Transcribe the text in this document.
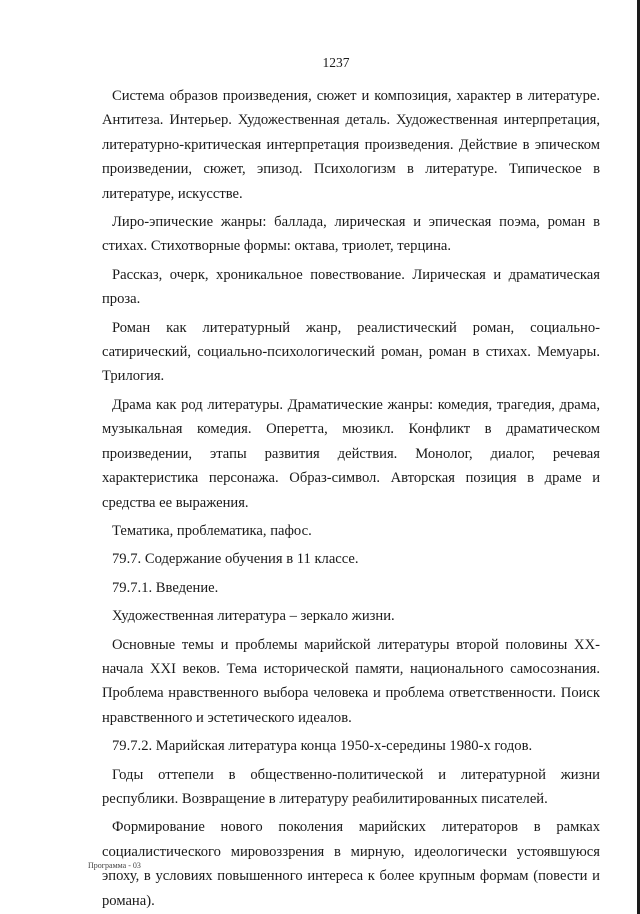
1237

Система образов произведения, сюжет и композиция, характер в литературе. Антитеза. Интерьер. Художественная деталь. Художественная интерпретация, литературно-критическая интерпретация произведения. Действие в эпическом произведении, сюжет, эпизод. Психологизм в литературе. Типическое в литературе, искусстве.

Лиро-эпические жанры: баллада, лирическая и эпическая поэма, роман в стихах. Стихотворные формы: октава, триолет, терцина.

Рассказ, очерк, хроникальное повествование. Лирическая и драматическая проза.

Роман как литературный жанр, реалистический роман, социально-сатирический, социально-психологический роман, роман в стихах. Мемуары. Трилогия.

Драма как род литературы. Драматические жанры: комедия, трагедия, драма, музыкальная комедия. Оперетта, мюзикл. Конфликт в драматическом произведении, этапы развития действия. Монолог, диалог, речевая характеристика персонажа. Образ-символ. Авторская позиция в драме и средства ее выражения.

Тематика, проблематика, пафос.

79.7. Содержание обучения в 11 классе.

79.7.1. Введение.

Художественная литература – зеркало жизни.

Основные темы и проблемы марийской литературы второй половины XX-начала XXI веков. Тема исторической памяти, национального самосознания. Проблема нравственного выбора человека и проблема ответственности. Поиск нравственного и эстетического идеалов.

79.7.2. Марийская литература конца 1950-х-середины 1980-х годов.

Годы оттепели в общественно-политической и литературной жизни республики. Возвращение в литературу реабилитированных писателей.

Формирование нового поколения марийских литераторов в рамках социалистического мировоззрения в мирную, идеологически устоявшуюся эпоху, в условиях повышенного интереса к более крупным формам (повести и романа).

Программа - 03
